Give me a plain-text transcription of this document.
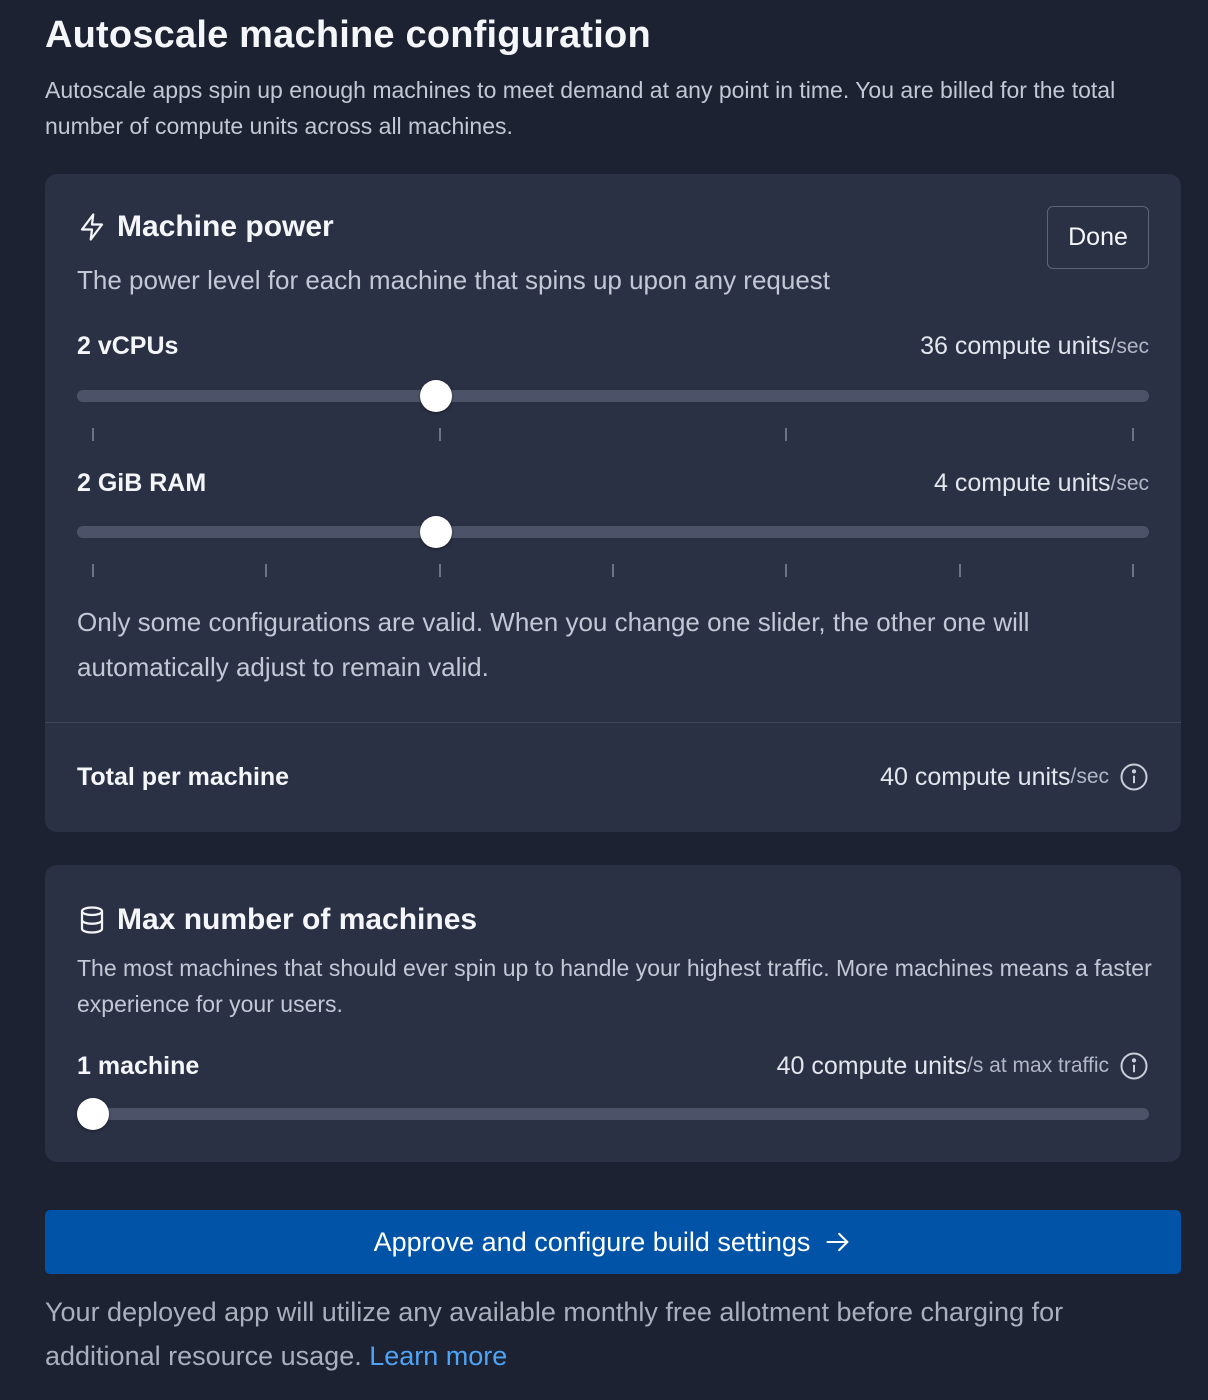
Autoscale machine configuration

Autoscale apps spin up enough machines to meet demand at any point in time. You are billed for the total number of compute units across all machines.

Machine power	Done

The power level for each machine that spins up upon any request

2 vCPUs	36 compute units /sec
2 GiB RAM	4 compute units /sec

Only some configurations are valid. When you change one slider, the other one will automatically adjust to remain valid.

Total per machine	40 compute units /sec
Max number of machines

The most machines that should ever spin up to handle your highest traffic. More machines means a faster experience for your users.

1 machine	40 compute units /s at max traffic
Approve and configure build settings

Your deployed app will utilize any available monthly free allotment before charging for additional resource usage. Learn more
